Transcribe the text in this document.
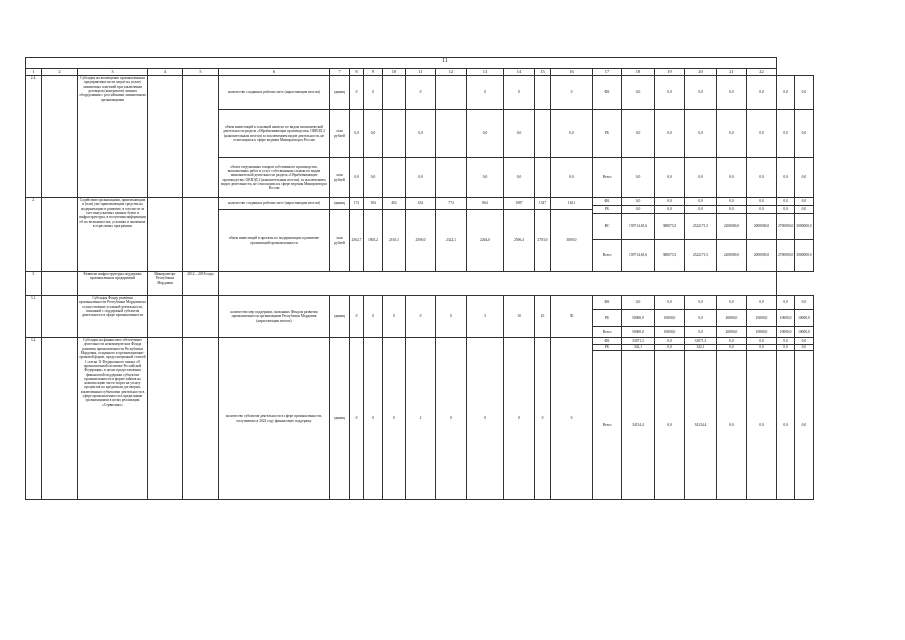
11

1	2	3	4	5	6	7	8	9	10	11	12	13	14	15	16	17	18	19	20	21	22		
2.4.		Субсидии на возмещение промышленным предприятиям части затрат на уплату лизинговых платежей при заключении договоров (контрактов) лизинга оборудования с российскими лизинговыми организациями			количество созданных рабочих мест (нарастающим итогом)	единиц	0	0		0		0	0		0	ФБ	0,0	0,0	0,0	0,0	0,0	0,0	0,0
					объем инвестиций в основной капитал по видам экономической деятельности раздела «Обрабатывающие производства» ОКВЭД 2 (накопительным итогом) за исключением видов деятельности, не относящихся к сфере ведения Минпромторга России	млн рублей	0,0	0,0		0,0		0,0	0,0		0,0	РБ	0,0	0,0	0,0	0,0	0,0	0,0	0,0
					объем отгруженных товаров собственного производства, выполненных работ и услуг собственными силами по видам экономической деятельности раздела «Обрабатывающие производства» ОКВЭД 2 (накопительным итогом), за исключением видов деятельности, не относящихся к сфере ведения Минпромторга России	млн рублей	0,0	0,0		0,0		0,0	0,0		0,0	Всего	0,0	0,0	0,0	0,0	0,0	0,0	0,0
2.		Содействие организациям, привлекающим и (или) уже привлекающим средства на модернизацию и развитие, в том числе за счет выпускаемых ценных бумаг и инфраструктуры, в получении информации об их возможностях, условиях и значениях в отраслевых программах			количество созданных рабочих мест (нарастающим итогом)	единиц	172	184	402	432	774	864	1087	1547	1621	ФБ	0,0	0,0	0,0	0,0	0,0	0,0	0,0
																РБ	0,0	0,0	0,0	0,0	0,0	0,0	0,0
					объем инвестиций в проекты по модернизации и развитию организаций промышленности	млн рублей	2562,7	1803,2	2165,1	2506,0	2322,1	2264,0	2506,4	2703,0	3000,0								
																ВС	159714,65,6	388073,5	2322171,5	2200000,0	2000000,0	2700000,0	3000000,0
																Всего	159714,65,6	388073,5	2322171,5	2200000,0	2000000,0	2700000,0	3000000,0
3.		Развитие инфраструктуры поддержки промышленных предприятий	Минпромторг Республики Мордовия	2012 – 2018 годы																			
3.1.		Субсидия Фонду развития промышленности Республики Мордовия на осуществление уставной деятельности, связанной с поддержкой субъектов деятельности в сфере промышленности			количество мер поддержки, оказанных Фондом развития промышленности организациям Республики Мордовия (нарастающим итогом)	единиц	0	0	0	0	0	3	10	10	30	ФБ	0,0	0,0	0,0	0,0	0,0	0,0	0,0
																РБ	50000,0	10000,0	0,0	20000,0	10000,0	10000,0	10000,0
																Всего	50000,0	10000,0	0,0	20000,0	10000,0	10000,0	10000,0
3.2.		Субсидии на финансовое обеспечение деятельности некоммерческих Фонда развития промышленности Республики Мордовия, созданного в организационно-правовой форме, предусмотренной статьей 1 статьи 11 Федерального закона «О промышленной политике Российской Федерации» в целях предоставления финансовой поддержки субъектам промышленности в форме займов на компенсацию части затрат на уплату процентов по кредитным договорам, заключенным субъектами деятельности в сфере промышленности и кредитными организациями в целях реализации «Сервисных»			количество субъектов деятельности в сфере промышленности, получивших в 2022 году финансовую поддержку	единиц	0	0	0	2	0	0	0	0	0	ФБ	33071,3	0,0	33071,3	0,0	0,0	0,0	0,0
																РБ	342,1	0,0	342,1	0,0	0,0	0,0	0,0
																Всего	34134,4	0,0	34134,4	0,0	0,0	0,0	0,0
